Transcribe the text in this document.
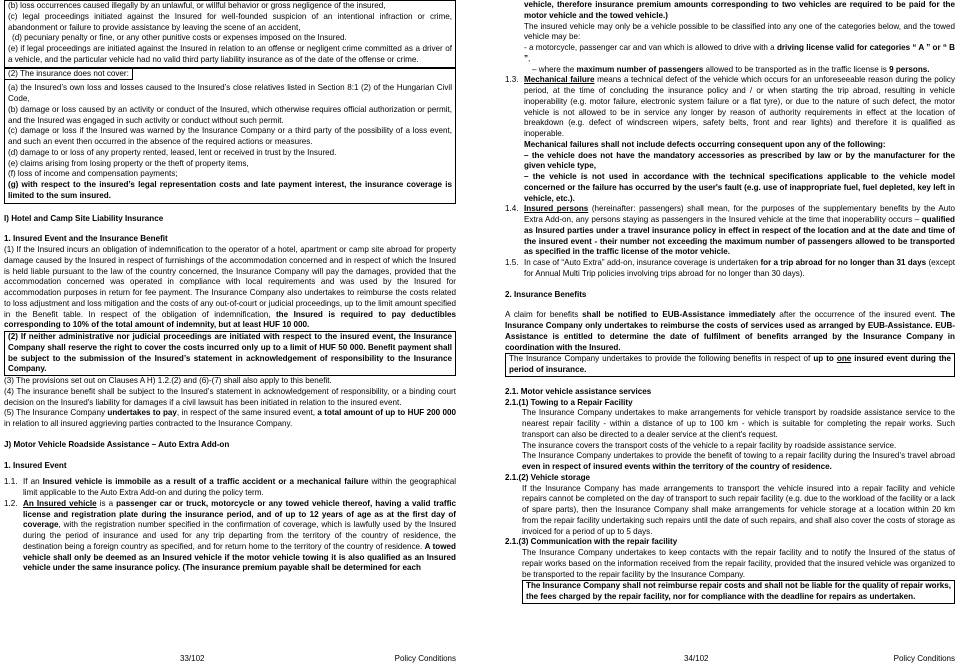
(b) loss occurrences caused illegally by an unlawful, or willful behavior or gross negligence of the insured,

(c) legal proceedings initiated against the Insured for well-founded suspicion of an intentional infraction or crime, abandonment or failure to provide assistance by leaving the scene of an accident,

(d) pecuniary penalty or fine, or any other punitive costs or expenses imposed on the Insured.

(e) if legal proceedings are initiated against the Insured in relation to an offense or negligent crime committed as a driver of a vehicle, and the particular vehicle had no valid third party liability insurance as of the date of the offense or crime.

(2) The insurance does not cover:

(a) the Insured’s own loss and losses caused to the Insured’s close relatives listed in Section 8:1 (2) of the Hungarian Civil Code,

(b) damage or loss caused by an activity or conduct of the Insured, which otherwise requires official authorization or permit, and the Insured was engaged in such activity or conduct without such permit.

(c) damage or loss if the Insured was warned by the Insurance Company or a third party of the possibility of a loss event, and such an event then occurred in the absence of the required actions or measures.

(d) damage to or loss of any property rented, leased, lent or received in trust by the Insured.

(e) claims arising from losing property or the theft of property items,

(f) loss of income and compensation payments;

(g) with respect to the insured’s legal representation costs and late payment interest, the insurance coverage is limited to the sum insured.

I) Hotel and Camp Site Liability Insurance

1. Insured Event and the Insurance Benefit

(1) If the Insured incurs an obligation of indemnification to the operator of a hotel, apartment or camp site abroad for property damage caused by the Insured in respect of furnishings of the accommodation concerned and in respect of which the Insured is held liable pursuant to the law of the country concerned, the Insurance Company will pay the damages, provided that the accommodation concerned was operated in compliance with local requirements and was used by the Insured for accommodation purposes in return for fee payment. The Insurance Company also undertakes to reimburse the costs related to loss adjustment and loss mitigation and the costs of any out-of-court or judicial proceedings, up to the limit amount specified in the Benefit table. In respect of the obligation of indemnification, the Insured is required to pay deductibles corresponding to 10% of the total amount of indemnity, but at least HUF 10 000.

(2) If neither administrative nor judicial proceedings are initiated with respect to the insured event, the Insurance Company shall reserve the right to cover the costs incurred only up to a limit of HUF 50 000. Benefit payment shall be subject to the submission of the Insured’s statement in acknowledgement of responsibility to the Insurance Company.

(3) The provisions set out on Clauses A H) 1.2.(2) and (6)-(7) shall also apply to this benefit.

(4) The insurance benefit shall be subject to the Insured’s statement in acknowledgement of responsibility, or a binding court decision on the Insured's liability for damages if a civil lawsuit has been initiated in relation to the insured event.

(5) The Insurance Company undertakes to pay, in respect of the same insured event, a total amount of up to HUF 200 000 in relation to all insured aggrieving parties contracted to the Insurance Company.

J) Motor Vehicle Roadside Assistance – Auto Extra Add-on

1. Insured Event

1.1. If an Insured vehicle is immobile as a result of a traffic accident or a mechanical failure within the geographical limit applicable to the Auto Extra Add-on and during the policy term.

1.2. An Insured vehicle is a passenger car or truck, motorcycle or any towed vehicle thereof, having a valid traffic license and registration plate during the insurance period, and of up to 12 years of age as at the first day of coverage, with the registration number specified in the confirmation of coverage, which is lawfully used by the Insured during the period of insurance and used for any trip departing from the territory of the country of residence, the destination being a foreign country as specified, and for return home to the territory of the country of residence. A towed vehicle shall only be deemed as an Insured vehicle if the motor vehicle towing it is also qualified as an Insured vehicle under the same insurance policy. (The insurance premium payable shall be determined for each

33/102	Policy Conditions

vehicle, therefore insurance premium amounts corresponding to two vehicles are required to be paid for the motor vehicle and the towed vehicle.)

The insured vehicle may only be a vehicle possible to be classified into any one of the categories below, and the towed vehicle may be:

- a motorcycle, passenger car and van which is allowed to drive with a driving license valid for categories “ A ” or “ B ”,

– where the maximum number of passengers allowed to be transported as in the traffic license is 9 persons.

1.3. Mechanical failure means a technical defect of the vehicle which occurs for an unforeseeable reason during the policy period, at the time of concluding the insurance policy and / or when starting the trip abroad, resulting in vehicle inoperability (e.g. motor failure, electronic system failure or a flat tyre), or due to the nature of such defect, the motor vehicle is not allowed to be in service any longer by reason of authority requirements in effect at the location of breakdown (e.g. defect of windscreen wipers, safety belts, front and rear lights) and therefore it is qualified as inoperable.

Mechanical failures shall not include defects occurring consequent upon any of the following:

– the vehicle does not have the mandatory accessories as prescribed by law or by the manufacturer for the given vehicle type,

– the vehicle is not used in accordance with the technical specifications applicable to the vehicle model concerned or the failure has occurred by the user's fault (e.g. use of inappropriate fuel, fuel depleted, key left in vehicle, etc.).

1.4. Insured persons (hereinafter: passengers) shall mean, for the purposes of the supplementary benefits by the Auto Extra Add-on, any persons staying as passengers in the Insured vehicle at the time that inoperability occurs – qualified as Insured parties under a travel insurance policy in effect in respect of the location and at the date and time of the insured event - their number not exceeding the maximum number of passengers allowed to be transported as specified in the traffic license of the motor vehicle.

1.5. In case of “Auto Extra” add-on, insurance coverage is undertaken for a trip abroad for no longer than 31 days (except for Annual Multi Trip policies involving trips abroad for no longer than 30 days).

2. Insurance Benefits

A claim for benefits shall be notified to EUB-Assistance immediately after the occurrence of the insured event. The Insurance Company only undertakes to reimburse the costs of services used as arranged by EUB-Assistance. EUB-Assistance is entitled to determine the date of fulfilment of benefits arranged by the Insurance Company in coordination with the Insured.

The Insurance Company undertakes to provide the following benefits in respect of up to one insured event during the period of insurance.

2.1. Motor vehicle assistance services

2.1.(1) Towing to a Repair Facility

The Insurance Company undertakes to make arrangements for vehicle transport by roadside assistance service to the nearest repair facility - within a distance of up to 100 km - which is suitable for completing the repair works. Such transport can also be directed to a dealer service at the client's request.

The insurance covers the transport costs of the vehicle to a repair facility by roadside assistance service.

The Insurance Company undertakes to provide the benefit of towing to a repair facility during the Insured’s travel abroad even in respect of insured events within the territory of the country of residence.

2.1.(2) Vehicle storage

If the Insurance Company has made arrangements to transport the vehicle insured into a repair facility and vehicle repairs cannot be completed on the day of transport to such repair facility (e.g. due to the workload of the facility or a lack of spare parts), then the Insurance Company shall make arrangements for vehicle storage at a location within 20 km from the repair facility undertaking such repairs until the date of such repairs, and shall also cover the costs of storage as invoiced for a period of up to 5 days.

2.1.(3) Communication with the repair facility

The Insurance Company undertakes to keep contacts with the repair facility and to notify the Insured of the status of repair works based on the information received from the repair facility, provided that the insured vehicle was organized to be transported to the repair facility by the Insurance Company.

The Insurance Company shall not reimburse repair costs and shall not be liable for the quality of repair works, the fees charged by the repair facility, nor for compliance with the deadline for repairs as undertaken.

34/102	Policy Conditions
